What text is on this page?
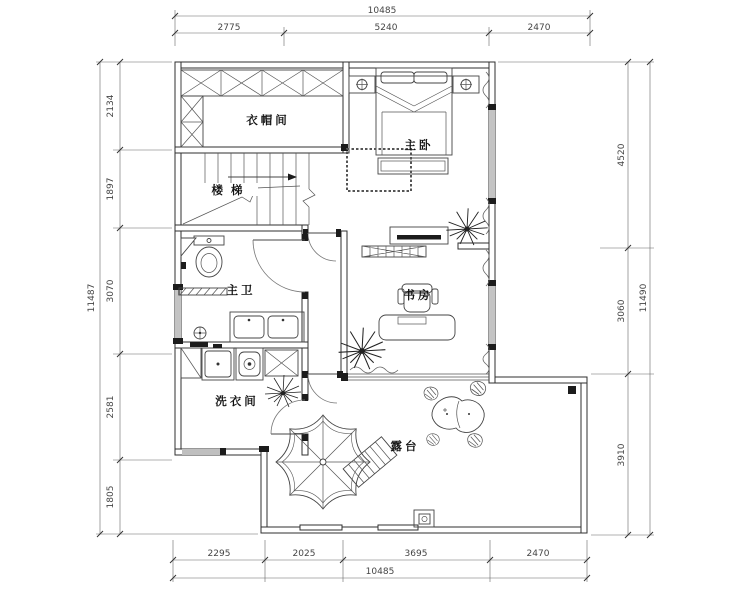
10485
2775	5240	2470
2295	2025	3695	2470
10485
2134
1897
3070
2581
1805
11487
4520
3060
3910
11490
衣帽间
楼梯
主卧
主卫	书房
洗衣间
露台
